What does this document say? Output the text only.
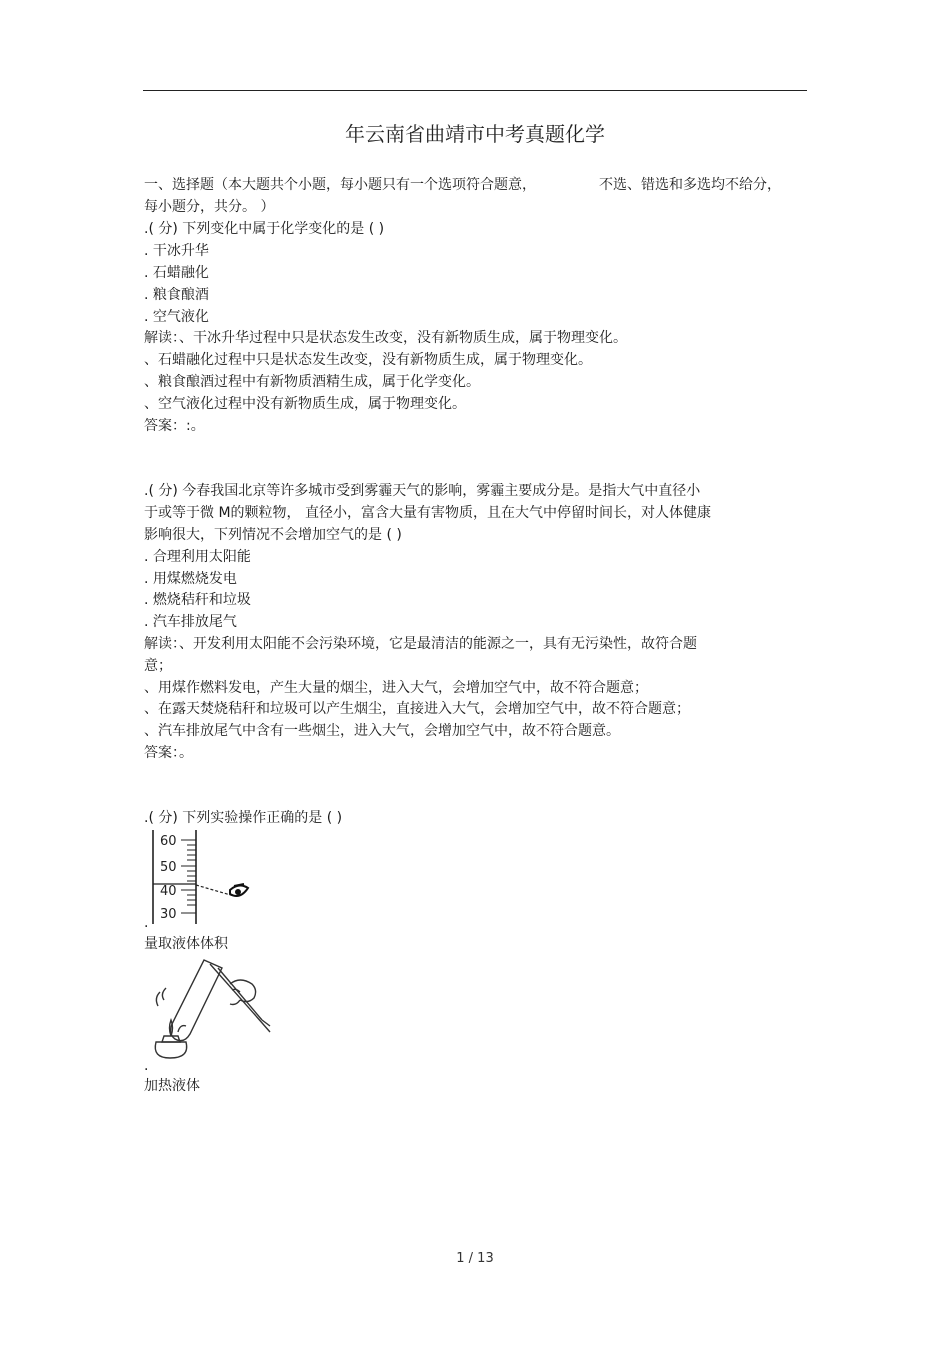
年云南省曲靖市中考真题化学
一、选择题（本大题共个小题，每小题只有一个选项符合题意，	不选、错选和多选均不给分，
每小题分，共分。 ）
.( 分) 下列变化中属于化学变化的是 ( )
. 干冰升华
. 石蜡融化
. 粮食酿酒
. 空气液化
解读：、干冰升华过程中只是状态发生改变，没有新物质生成，属于物理变化。
、石蜡融化过程中只是状态发生改变，没有新物质生成，属于物理变化。
、粮食酿酒过程中有新物质酒精生成，属于化学变化。
、空气液化过程中没有新物质生成，属于物理变化。
答案：:。
.( 分) 今春我国北京等许多城市受到雾霾天气的影响，雾霾主要成分是。是指大气中直径小
于或等于微 M的颗粒物， 直径小，富含大量有害物质，且在大气中停留时间长，对人体健康
影响很大，下列情况不会增加空气的是 ( )
. 合理利用太阳能
. 用煤燃烧发电
. 燃烧秸秆和垃圾
. 汽车排放尾气
解读：、开发利用太阳能不会污染环境，它是最清洁的能源之一，具有无污染性，故符合题
意；
、用煤作燃料发电，产生大量的烟尘，进入大气，会增加空气中，故不符合题意；
、在露天焚烧秸秆和垃圾可以产生烟尘，直接进入大气，会增加空气中，故不符合题意；
、汽车排放尾气中含有一些烟尘，进入大气，会增加空气中，故不符合题意。
答案：。
.( 分) 下列实验操作正确的是 ( )
60
50
40
30
.
量取液体体积
.
加热液体
1 / 13
